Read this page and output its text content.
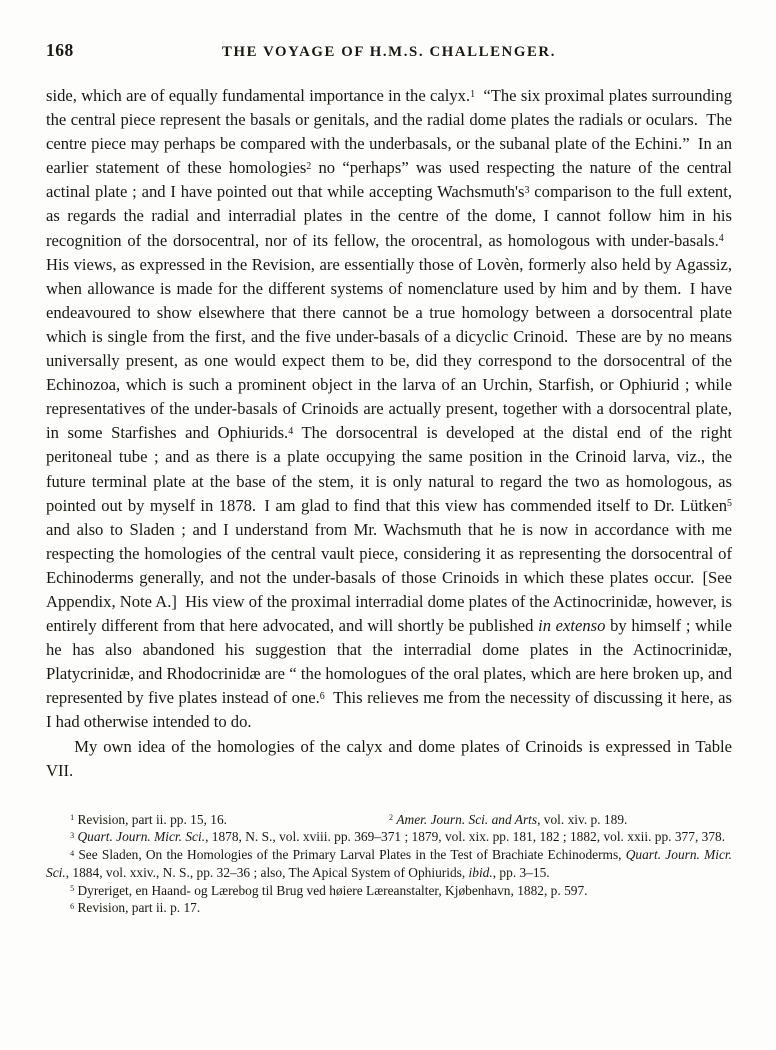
168	THE VOYAGE OF H.M.S. CHALLENGER.

side, which are of equally fundamental importance in the calyx.$^1$ “The six proximal plates surrounding the central piece represent the basals or genitals, and the radial dome plates the radials or oculars. The centre piece may perhaps be compared with the underbasals, or the subanal plate of the Echini.” In an earlier statement of these homologies$^2$ no “perhaps” was used respecting the nature of the central actinal plate ; and I have pointed out that while accepting Wachsmuth's$^3$ comparison to the full extent, as regards the radial and interradial plates in the centre of the dome, I cannot follow him in his recognition of the dorsocentral, nor of its fellow, the orocentral, as homologous with under-basals.$^4$ His views, as expressed in the Revision, are essentially those of Lovèn, formerly also held by Agassiz, when allowance is made for the different systems of nomenclature used by him and by them. I have endeavoured to show elsewhere that there cannot be a true homology between a dorsocentral plate which is single from the first, and the five under-basals of a dicyclic Crinoid. These are by no means universally present, as one would expect them to be, did they correspond to the dorsocentral of the Echinozoa, which is such a prominent object in the larva of an Urchin, Starfish, or Ophiurid ; while representatives of the under-basals of Crinoids are actually present, together with a dorsocentral plate, in some Starfishes and Ophiurids.$^4$ The dorsocentral is developed at the distal end of the right peritoneal tube ; and as there is a plate occupying the same position in the Crinoid larva, viz., the future terminal plate at the base of the stem, it is only natural to regard the two as homologous, as pointed out by myself in 1878. I am glad to find that this view has commended itself to Dr. Lütken$^5$ and also to Sladen ; and I understand from Mr. Wachsmuth that he is now in accordance with me respecting the homologies of the central vault piece, considering it as representing the dorsocentral of Echinoderms generally, and not the under-basals of those Crinoids in which these plates occur. [See Appendix, Note A.] His view of the proximal interradial dome plates of the Actinocrinidæ, however, is entirely different from that here advocated, and will shortly be published in extenso by himself ; while he has also abandoned his suggestion that the interradial dome plates in the Actinocrinidæ, Platycrinidæ, and Rhodocrinidæ are “ the homologues of the oral plates, which are here broken up, and represented by five plates instead of one.$^6$ This relieves me from the necessity of discussing it here, as I had otherwise intended to do.

My own idea of the homologies of the calyx and dome plates of Crinoids is expressed in Table VII.

$^1$ Revision, part ii. pp. 15, 16.	$^2$ Amer. Journ. Sci. and Arts, vol. xiv. p. 189.

$^3$ Quart. Journ. Micr. Sci., 1878, N. S., vol. xviii. pp. 369–371 ; 1879, vol. xix. pp. 181, 182 ; 1882, vol. xxii. pp. 377, 378.

$^4$ See Sladen, On the Homologies of the Primary Larval Plates in the Test of Brachiate Echinoderms, Quart. Journ. Micr. Sci., 1884, vol. xxiv., N. S., pp. 32–36 ; also, The Apical System of Ophiurids, ibid., pp. 3–15.

$^5$ Dyreriget, en Haand- og Lærebog til Brug ved høiere Læreanstalter, Kjøbenhavn, 1882, p. 597.

$^6$ Revision, part ii. p. 17.
